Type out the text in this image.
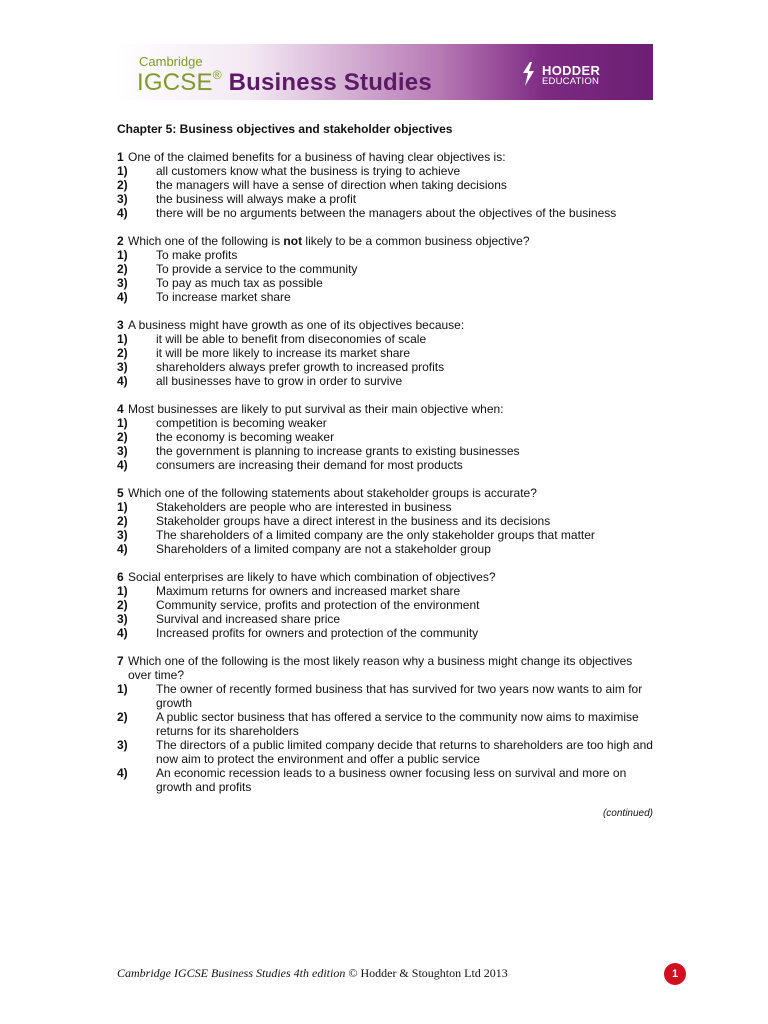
Cambridge
IGCSE® Business Studies	HODDER
EDUCATION
Chapter 5: Business objectives and stakeholder objectives
1 One of the claimed benefits for a business of having clear objectives is:
1)	all customers know what the business is trying to achieve
2)	the managers will have a sense of direction when taking decisions
3)	the business will always make a profit
4)	there will be no arguments between the managers about the objectives of the business
2 Which one of the following is not likely to be a common business objective?
1)	To make profits
2)	To provide a service to the community
3)	To pay as much tax as possible
4)	To increase market share
3 A business might have growth as one of its objectives because:
1)	it will be able to benefit from diseconomies of scale
2)	it will be more likely to increase its market share
3)	shareholders always prefer growth to increased profits
4)	all businesses have to grow in order to survive
4 Most businesses are likely to put survival as their main objective when:
1)	competition is becoming weaker
2)	the economy is becoming weaker
3)	the government is planning to increase grants to existing businesses
4)	consumers are increasing their demand for most products
5 Which one of the following statements about stakeholder groups is accurate?
1)	Stakeholders are people who are interested in business
2)	Stakeholder groups have a direct interest in the business and its decisions
3)	The shareholders of a limited company are the only stakeholder groups that matter
4)	Shareholders of a limited company are not a stakeholder group
6 Social enterprises are likely to have which combination of objectives?
1)	Maximum returns for owners and increased market share
2)	Community service, profits and protection of the environment
3)	Survival and increased share price
4)	Increased profits for owners and protection of the community
7 Which one of the following is the most likely reason why a business might change its objectives over time?
1)	The owner of recently formed business that has survived for two years now wants to aim for growth
2)	A public sector business that has offered a service to the community now aims to maximise returns for its shareholders
3)	The directors of a public limited company decide that returns to shareholders are too high and now aim to protect the environment and offer a public service
4)	An economic recession leads to a business owner focusing less on survival and more on growth and profits
(continued)
Cambridge IGCSE Business Studies 4th edition © Hodder & Stoughton Ltd 2013	1
